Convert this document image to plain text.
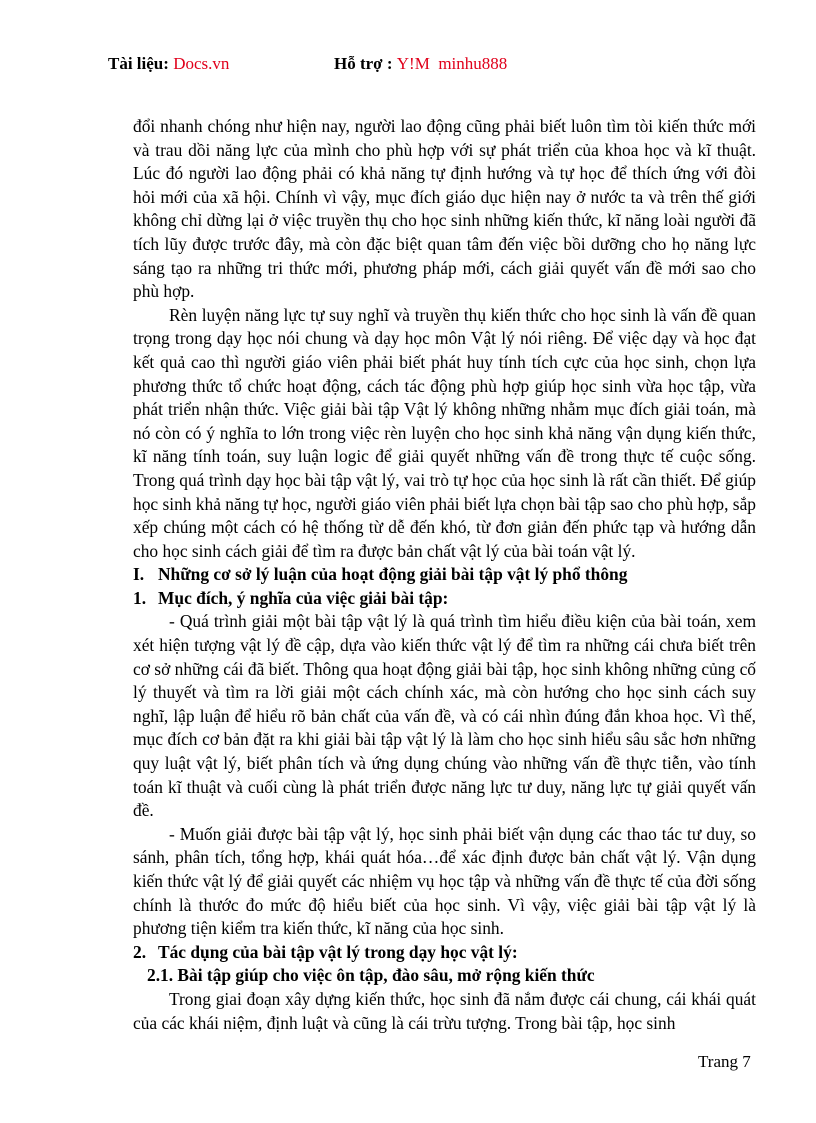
Tài liệu: Docs.vn	Hỗ trợ : Y!M minhu888

đổi nhanh chóng như hiện nay, người lao động cũng phải biết luôn tìm tòi kiến thức mới và trau dồi năng lực của mình cho phù hợp với sự phát triển của khoa học và kĩ thuật. Lúc đó người lao động phải có khả năng tự định hướng và tự học để thích ứng với đòi hỏi mới của xã hội. Chính vì vậy, mục đích giáo dục hiện nay ở nước ta và trên thế giới không chỉ dừng lại ở việc truyền thụ cho học sinh những kiến thức, kĩ năng loài người đã tích lũy được trước đây, mà còn đặc biệt quan tâm đến việc bồi dưỡng cho họ năng lực sáng tạo ra những tri thức mới, phương pháp mới, cách giải quyết vấn đề mới sao cho phù hợp.

Rèn luyện năng lực tự suy nghĩ và truyền thụ kiến thức cho học sinh là vấn đề quan trọng trong dạy học nói chung và dạy học môn Vật lý nói riêng. Để việc dạy và học đạt kết quả cao thì người giáo viên phải biết phát huy tính tích cực của học sinh, chọn lựa phương thức tổ chức hoạt động, cách tác động phù hợp giúp học sinh vừa học tập, vừa phát triển nhận thức. Việc giải bài tập Vật lý không những nhằm mục đích giải toán, mà nó còn có ý nghĩa to lớn trong việc rèn luyện cho học sinh khả năng vận dụng kiến thức, kĩ năng tính toán, suy luận logic để giải quyết những vấn đề trong thực tế cuộc sống. Trong quá trình dạy học bài tập vật lý, vai trò tự học của học sinh là rất cần thiết. Để giúp học sinh khả năng tự học, người giáo viên phải biết lựa chọn bài tập sao cho phù hợp, sắp xếp chúng một cách có hệ thống từ dễ đến khó, từ đơn giản đến phức tạp và hướng dẫn cho học sinh cách giải để tìm ra được bản chất vật lý của bài toán vật lý.

I. Những cơ sở lý luận của hoạt động giải bài tập vật lý phổ thông

1. Mục đích, ý nghĩa của việc giải bài tập:

- Quá trình giải một bài tập vật lý là quá trình tìm hiểu điều kiện của bài toán, xem xét hiện tượng vật lý đề cập, dựa vào kiến thức vật lý để tìm ra những cái chưa biết trên cơ sở những cái đã biết. Thông qua hoạt động giải bài tập, học sinh không những củng cố lý thuyết và tìm ra lời giải một cách chính xác, mà còn hướng cho học sinh cách suy nghĩ, lập luận để hiểu rõ bản chất của vấn đề, và có cái nhìn đúng đắn khoa học. Vì thế, mục đích cơ bản đặt ra khi giải bài tập vật lý là làm cho học sinh hiểu sâu sắc hơn những quy luật vật lý, biết phân tích và ứng dụng chúng vào những vấn đề thực tiễn, vào tính toán kĩ thuật và cuối cùng là phát triển được năng lực tư duy, năng lực tự giải quyết vấn đề.

- Muốn giải được bài tập vật lý, học sinh phải biết vận dụng các thao tác tư duy, so sánh, phân tích, tổng hợp, khái quát hóa…để xác định được bản chất vật lý. Vận dụng kiến thức vật lý để giải quyết các nhiệm vụ học tập và những vấn đề thực tế của đời sống chính là thước đo mức độ hiểu biết của học sinh. Vì vậy, việc giải bài tập vật lý là phương tiện kiểm tra kiến thức, kĩ năng của học sinh.

2. Tác dụng của bài tập vật lý trong dạy học vật lý:

2.1. Bài tập giúp cho việc ôn tập, đào sâu, mở rộng kiến thức

Trong giai đoạn xây dựng kiến thức, học sinh đã nắm được cái chung, cái khái quát của các khái niệm, định luật và cũng là cái trừu tượng. Trong bài tập, học sinh

Trang 7
